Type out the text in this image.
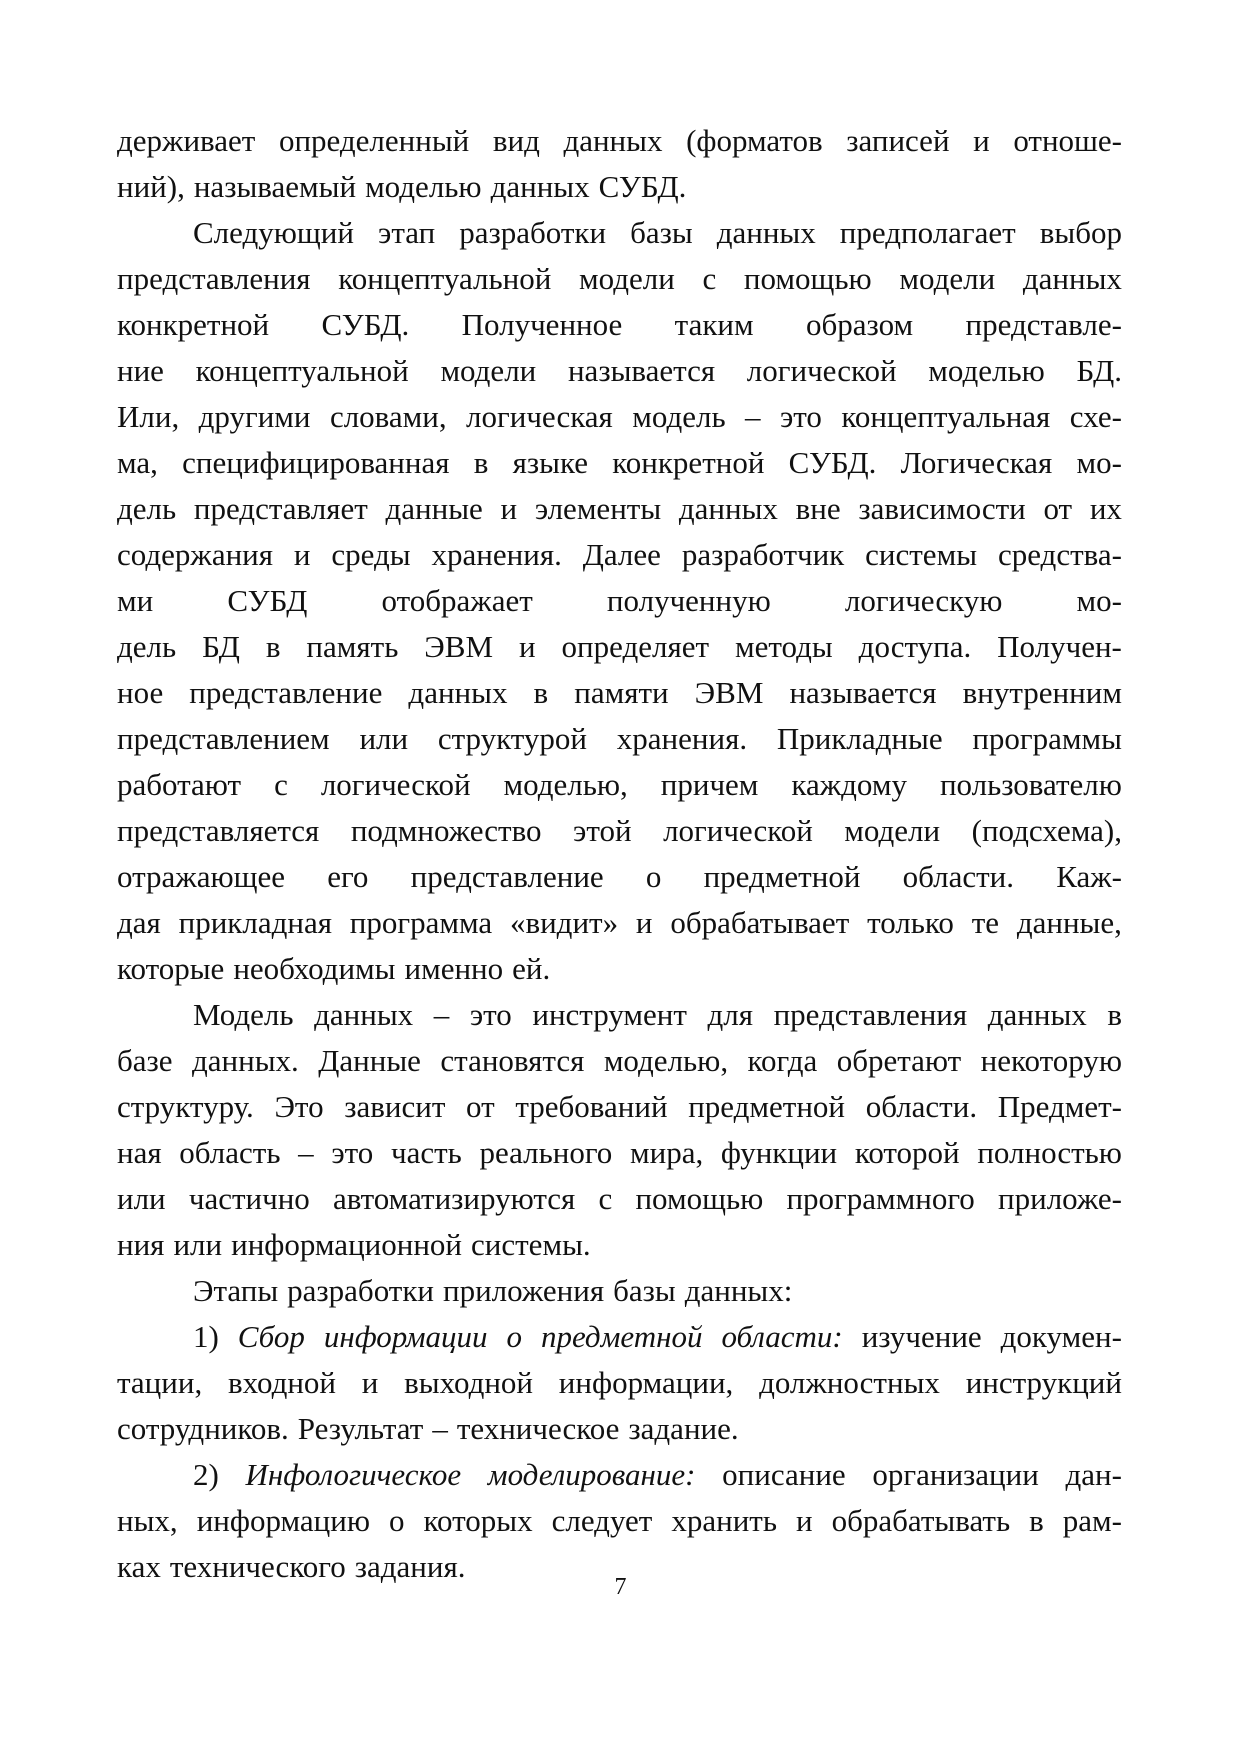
держивает определенный вид данных (форматов записей и отноше-
ний), называемый моделью данных СУБД.
Следующий этап разработки базы данных предполагает выбор
представления концептуальной модели с помощью модели данных
конкретной СУБД. Полученное таким образом представле-
ние концептуальной модели называется логической моделью БД.
Или, другими словами, логическая модель – это концептуальная схе-
ма, специфицированная в языке конкретной СУБД. Логическая мо-
дель представляет данные и элементы данных вне зависимости от их
содержания и среды хранения. Далее разработчик системы средства-
ми СУБД отображает полученную логическую мо-
дель БД в память ЭВМ и определяет методы доступа. Получен-
ное представление данных в памяти ЭВМ называется внутренним
представлением или структурой хранения. Прикладные программы
работают с логической моделью, причем каждому пользователю
представляется подмножество этой логической модели (подсхема),
отражающее его представление о предметной области. Каж-
дая прикладная программа «видит» и обрабатывает только те данные,
которые необходимы именно ей.
Модель данных – это инструмент для представления данных в
базе данных. Данные становятся моделью, когда обретают некоторую
структуру. Это зависит от требований предметной области. Предмет-
ная область – это часть реального мира, функции которой полностью
или частично автоматизируются с помощью программного приложе-
ния или информационной системы.
Этапы разработки приложения базы данных:
1) Сбор информации о предметной области: изучение докумен-
тации, входной и выходной информации, должностных инструкций
сотрудников. Результат – техническое задание.
2) Инфологическое моделирование: описание организации дан-
ных, информацию о которых следует хранить и обрабатывать в рам-
ках технического задания.
7
